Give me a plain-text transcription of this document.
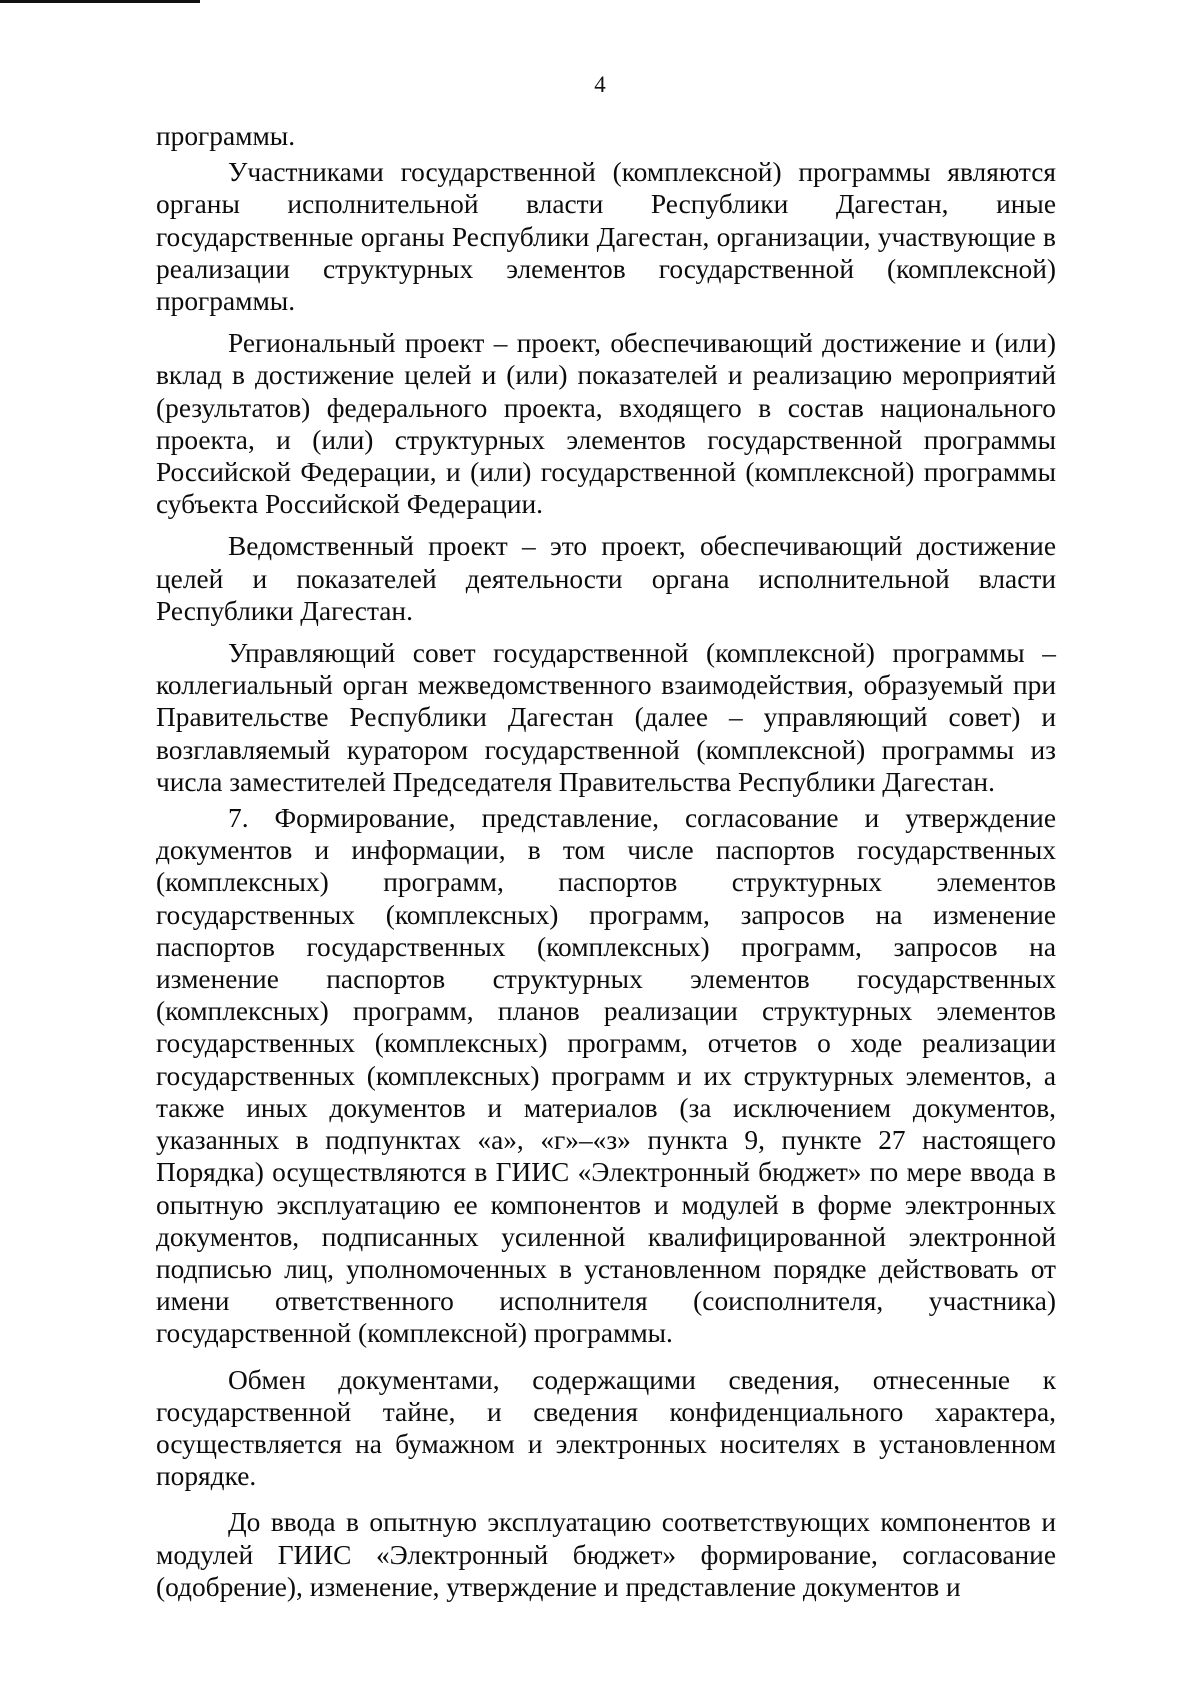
4

программы.

Участниками государственной (комплексной) программы являются органы исполнительной власти Республики Дагестан, иные государственные органы Республики Дагестан, организации, участвующие в реализации структурных элементов государственной (комплексной) программы.

Региональный проект – проект, обеспечивающий достижение и (или) вклад в достижение целей и (или) показателей и реализацию мероприятий (результатов) федерального проекта, входящего в состав национального проекта, и (или) структурных элементов государственной программы Российской Федерации, и (или) государственной (комплексной) программы субъекта Российской Федерации.

Ведомственный проект – это проект, обеспечивающий достижение целей и показателей деятельности органа исполнительной власти Республики Дагестан.

Управляющий совет государственной (комплексной) программы – коллегиальный орган межведомственного взаимодействия, образуемый при Правительстве Республики Дагестан (далее – управляющий совет) и возглавляемый куратором государственной (комплексной) программы из числа заместителей Председателя Правительства Республики Дагестан.

7. Формирование, представление, согласование и утверждение документов и информации, в том числе паспортов государственных (комплексных) программ, паспортов структурных элементов государственных (комплексных) программ, запросов на изменение паспортов государственных (комплексных) программ, запросов на изменение паспортов структурных элементов государственных (комплексных) программ, планов реализации структурных элементов государственных (комплексных) программ, отчетов о ходе реализации государственных (комплексных) программ и их структурных элементов, а также иных документов и материалов (за исключением документов, указанных в подпунктах «а», «г»–«з» пункта 9, пункте 27 настоящего Порядка) осуществляются в ГИИС «Электронный бюджет» по мере ввода в опытную эксплуатацию ее компонентов и модулей в форме электронных документов, подписанных усиленной квалифицированной электронной подписью лиц, уполномоченных в установленном порядке действовать от имени ответственного исполнителя (соисполнителя, участника) государственной (комплексной) программы.

Обмен документами, содержащими сведения, отнесенные к государственной тайне, и сведения конфиденциального характера, осуществляется на бумажном и электронных носителях в установленном порядке.

До ввода в опытную эксплуатацию соответствующих компонентов и модулей ГИИС «Электронный бюджет» формирование, согласование (одобрение), изменение, утверждение и представление документов и
